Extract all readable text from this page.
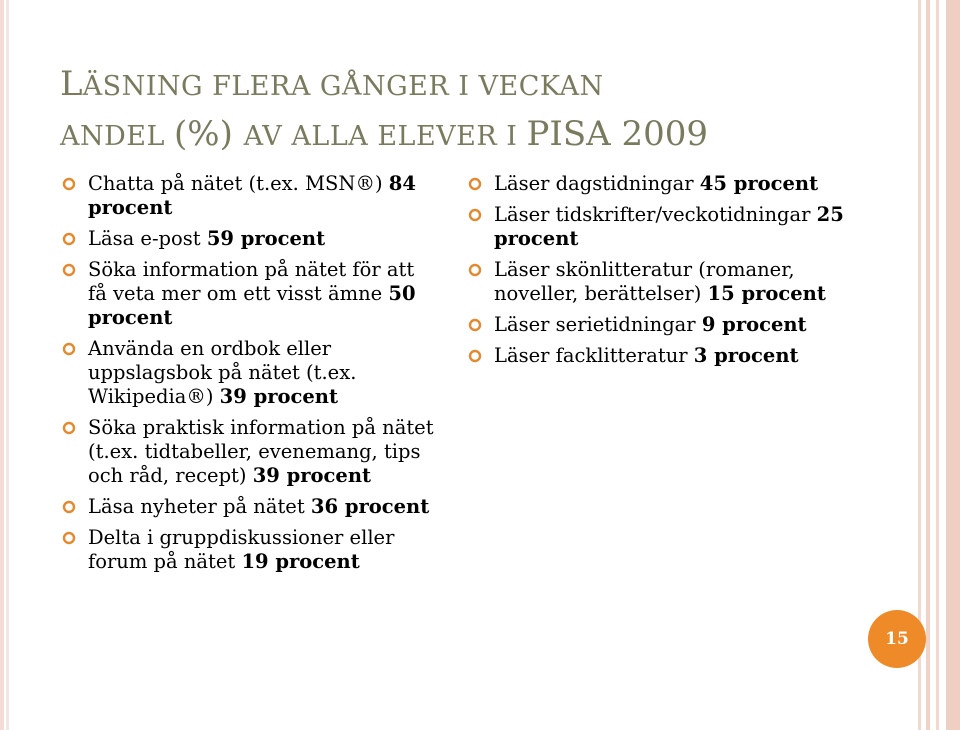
LÄSNING FLERA GÅNGER I VECKAN
ANDEL (%) AV ALLA ELEVER I PISA 2009
Chatta på nätet (t.ex. MSN®) 84 procent
Läsa e-post 59 procent
Söka information på nätet för att få veta mer om ett visst ämne 50 procent
Använda en ordbok eller uppslagsbok på nätet (t.ex. Wikipedia®) 39 procent
Söka praktisk information på nätet (t.ex. tidtabeller, evenemang, tips och råd, recept) 39 procent
Läsa nyheter på nätet 36 procent
Delta i gruppdiskussioner eller forum på nätet 19 procent
Läser dagstidningar 45 procent
Läser tidskrifter/veckotidningar 25 procent
Läser skönlitteratur (romaner, noveller, berättelser) 15 procent
Läser serietidningar 9 procent
Läser facklitteratur 3 procent
15
